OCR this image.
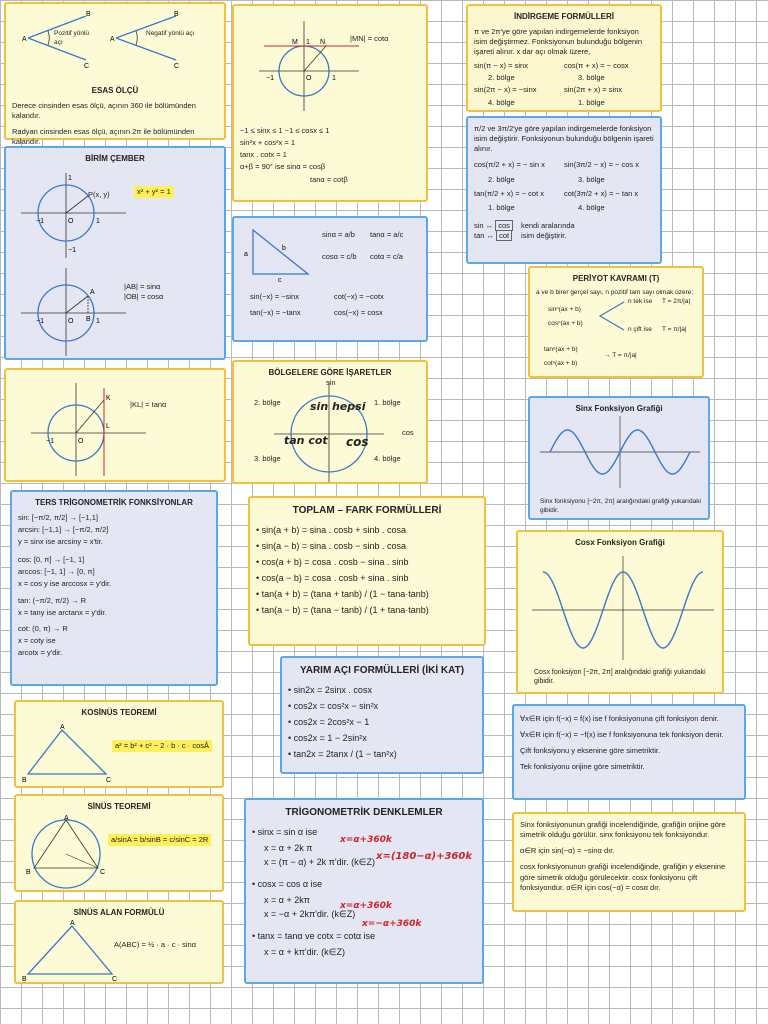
A
B
C
A
B
C
Pozitif yönlü açı
Negatif yönlü açı
ESAS ÖLÇÜ
Derece cinsinden esas ölçü, açının 360 ile bölümünden kalandır.
Radyan cinsinden esas ölçü, açının 2π ile bölümünden kalandır.
BİRİM ÇEMBER
−1	O	1
1
−1
−1	O	1
A
B
P(x, y)	x² + y² = 1
|AB| = sinα
|OB| = cosα
−1	O
K
L
|KL| = tanα
M 1 N
−1	O	1
|MN| = cotα
−1 ≤ sinx ≤ 1 −1 ≤ cosx ≤ 1
sin²x + cos²x = 1
tanx . cotx = 1
α+β = 90° ise sinα = cosβ
tanα = cotβ
a
b
c
sinα = a/b tanα = a/c
cosα = c/b cotα = c/a
sin(−x) = −sinx	cot(−x) = −cotx
tan(−x) = −tanx	cos(−x) = cosx
BÖLGELERE GÖRE İŞARETLER
sin
cos
1. bölge
2. bölge
3. bölge	4. bölge
sin hepsi
tan cot cos
TERS TRİGONOMETRİK FONKSİYONLAR
sin: [−π/2, π/2] → [−1,1]
arcsin: [−1,1] → [−π/2, π/2]
y = sinx ise arcsiny = x'tir.
cos: [0, π] → [−1, 1]
arccos: [−1, 1] → [0, π]
x = cos y ise arccosx = y'dir.
tan: (−π/2, π/2) → R
x = tany ise arctanx = y'dir.
cot: (0, π) → R
x = coty ise
arcotx = y'dir.
TOPLAM – FARK FORMÜLLERİ
• sin(a + b) = sina . cosb + sinb . cosa
• sin(a − b) = sina . cosb − sinb . cosa
• cos(a + b) = cosa . cosb − sina . sinb
• cos(a − b) = cosa . cosb + sina . sinb
• tan(a + b) = (tana + tanb) / (1 − tana·tanb)
• tan(a − b) = (tana − tanb) / (1 + tana·tanb)
YARIM AÇI FORMÜLLERİ (İKİ KAT)
• sin2x = 2sinx . cosx
• cos2x = cos²x − sin²x
• cos2x = 2cos²x − 1
• cos2x = 1 − 2sin²x
• tan2x = 2tanx / (1 − tan²x)
KOSİNÜS TEOREMİ
A
B	C
a² = b² + c² − 2 · b · c · cosÂ
SİNÜS TEOREMİ
A
B	C
a/sinA = b/sinB = c/sinC = 2R
SİNÜS ALAN FORMÜLÜ
A
B	C
A(ABC) = ½ · a · c · sinα
TRİGONOMETRİK DENKLEMLER
• sinx = sin α ise
x = α + 2k π
x = (π − α) + 2k π'dir. (k∈Z)
• cosx = cos α ise
x = α + 2kπ
x = −α + 2kπ'dir. (k∈Z)
• tanx = tanα ve cotx = cotα ise
x = α + kπ'dir. (k∈Z)
x=α+360k
x=(180−α)+360k
x=α+360k
x=−α+360k
İNDİRGEME FORMÜLLERİ
π ve 2π'ye göre yapılan indirgemelerde fonksiyon isim değiştirmez. Fonksiyonun bulunduğu bölgenin işareti alınır. x dar açı olmak üzere,
sin(π − x) = sinx	cos(π + x) = − cosx
2. bölge	3. bölge
sin(2π − x) = −sinx	sin(2π + x) = sinx
4. bölge	1. bölge
π/2 ve 3π/2'ye göre yapılan indirgemelerde fonksiyon isim değiştirir. Fonksiyonun bulunduğu bölgenin işareti alınır.
cos(π/2 + x) = − sin x	sin(3π/2 − x) = − cos x
2. bölge	3. bölge
tan(π/2 + x) = − cot x	cot(3π/2 + x) = − tan x
1. bölge	4. bölge
sin ↔ cos
tan ↔ cot
kendi aralarında
isim değiştirir.
PERİYOT KAVRAMI (T)
a ve b birer gerçel sayı, n pozitif tam sayı olmak üzere;
sinⁿ(ax + b)
cosⁿ(ax + b)
n tek ise T = 2π/|a|
n çift ise T = π/|a|
tanⁿ(ax + b)
cotⁿ(ax + b)
→ T = π/|a|
Sinx Fonksiyon Grafiği
Sinx fonksiyonu [−2π, 2π] aralığındaki grafiği yukarıdaki gibidir.
Cosx Fonksiyon Grafiği
Cosx fonksiyon [−2π, 2π] aralığındaki grafiği yukarıdaki gibidir.
∀x∈R için f(−x) = f(x) ise f fonksiyonuna çift fonksiyon denir.
∀x∈R için f(−x) = −f(x) ise f fonksiyonuna tek fonksiyon denir.
Çift fonksiyonu y eksenine göre simetriktir.
Tek fonksiyonu orijine göre simetriktir.
Sinx fonksiyonunun grafiği incelendiğinde, grafiğin orijine göre simetrik olduğu görülür. sinx fonksiyonu tek fonksiyondur.
α∈R için sin(−α) = −sinα dır.
cosx fonksiyonunun grafiği incelendiğinde, grafiğin y eksenine göre simetrik olduğu görülecektir. cosx fonksiyonu çift fonksiyondur. α∈R için cos(−α) = cosα dır.
